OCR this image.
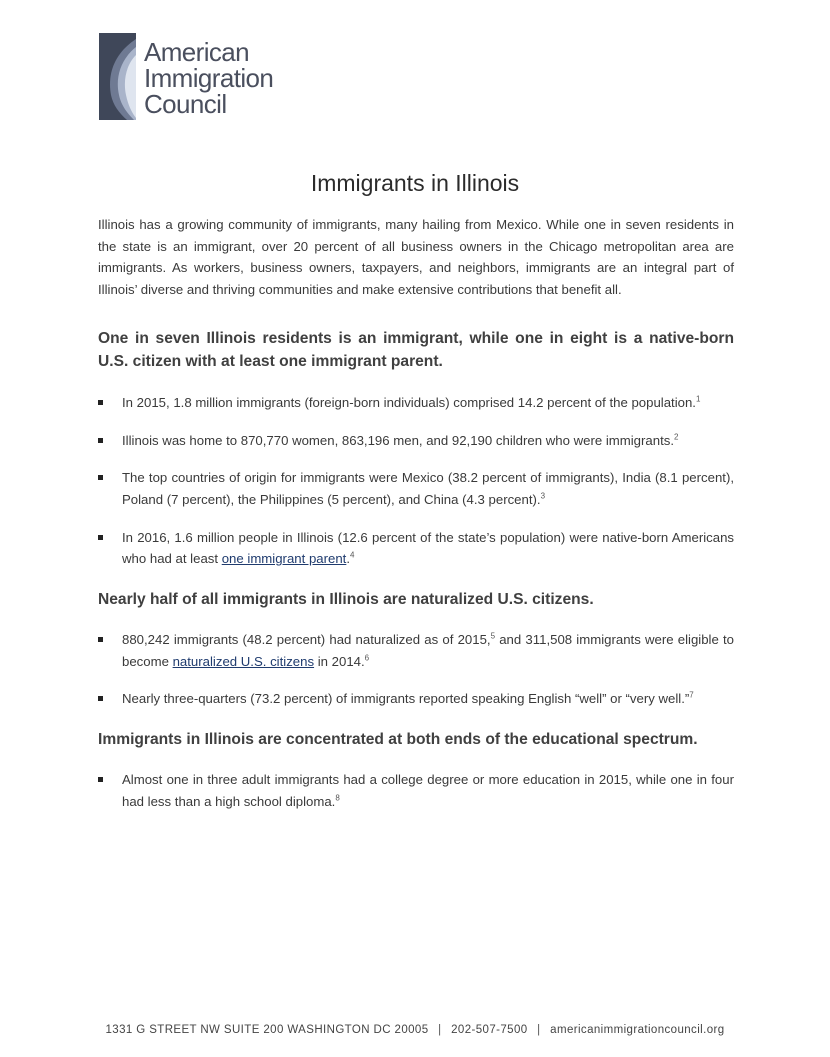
American
Immigration
Council
Immigrants in Illinois

Illinois has a growing community of immigrants, many hailing from Mexico. While one in seven residents in the state is an immigrant, over 20 percent of all business owners in the Chicago metropolitan area are immigrants. As workers, business owners, taxpayers, and neighbors, immigrants are an integral part of Illinois’ diverse and thriving communities and make extensive contributions that benefit all.

One in seven Illinois residents is an immigrant, while one in eight is a native-born U.S. citizen with at least one immigrant parent.
In 2015, 1.8 million immigrants (foreign-born individuals) comprised 14.2 percent of the population.$^1$
Illinois was home to 870,770 women, 863,196 men, and 92,190 children who were immigrants.$^2$
The top countries of origin for immigrants were Mexico (38.2 percent of immigrants), India (8.1 percent), Poland (7 percent), the Philippines (5 percent), and China (4.3 percent).$^3$
In 2016, 1.6 million people in Illinois (12.6 percent of the state’s population) were native-born Americans who had at least one immigrant parent.$^4$
Nearly half of all immigrants in Illinois are naturalized U.S. citizens.
880,242 immigrants (48.2 percent) had naturalized as of 2015,$^5$ and 311,508 immigrants were eligible to become naturalized U.S. citizens in 2014.$^6$
Nearly three-quarters (73.2 percent) of immigrants reported speaking English “well” or “very well.”$^7$
Immigrants in Illinois are concentrated at both ends of the educational spectrum.
Almost one in three adult immigrants had a college degree or more education in 2015, while one in four had less than a high school diploma.$^8$
1331 G STREET NW SUITE 200 WASHINGTON DC 20005 | 202-507-7500 | americanimmigrationcouncil.org
